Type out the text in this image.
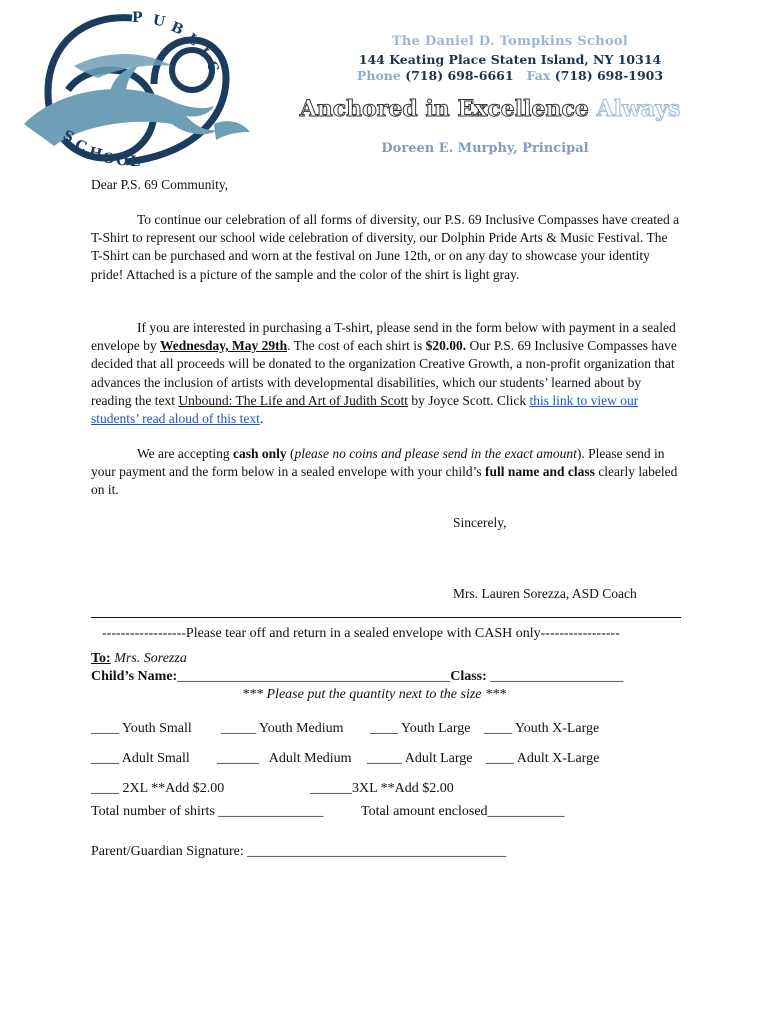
P U B
L
I
C
S
C
H
O O L
The Daniel D. Tompkins School
144 Keating Place Staten Island, NY 10314
Phone (718) 698-6661 Fax (718) 698-1903
Anchored in Excellence Always
Doreen E. Murphy, Principal

Dear P.S. 69 Community,

To continue our celebration of all forms of diversity, our P.S. 69 Inclusive Compasses have created a T-Shirt to represent our school wide celebration of diversity, our Dolphin Pride Arts & Music Festival. The T-Shirt can be purchased and worn at the festival on June 12th, or on any day to showcase your identity pride! Attached is a picture of the sample and the color of the shirt is light gray.

If you are interested in purchasing a T-shirt, please send in the form below with payment in a sealed envelope by Wednesday, May 29th. The cost of each shirt is $20.00. Our P.S. 69 Inclusive Compasses have decided that all proceeds will be donated to the organization Creative Growth, a non-profit organization that advances the inclusion of artists with developmental disabilities, which our students’ learned about by reading the text Unbound: The Life and Art of Judith Scott by Joyce Scott. Click this link to view our students’ read aloud of this text.

We are accepting cash only (please no coins and please send in the exact amount). Please send in your payment and the form below in a sealed envelope with your child’s full name and class clearly labeled on it.

Sincerely,

Mrs. Lauren Sorezza, ASD Coach

------------------Please tear off and return in a sealed envelope with CASH only-----------------

To: Mrs. Sorezza

Child’s Name:_______________________________________Class: ___________________

*** Please put the quantity next to the size ***

____ Youth Small _____ Youth Medium ____ Youth Large ____ Youth X-Large

____ Adult Small ______   Adult Medium _____ Adult Large ____ Adult X-Large

____ 2XL **Add $2.00	______3XL **Add $2.00

Total number of shirts _______________	Total amount enclosed___________

Parent/Guardian Signature: _____________________________________
